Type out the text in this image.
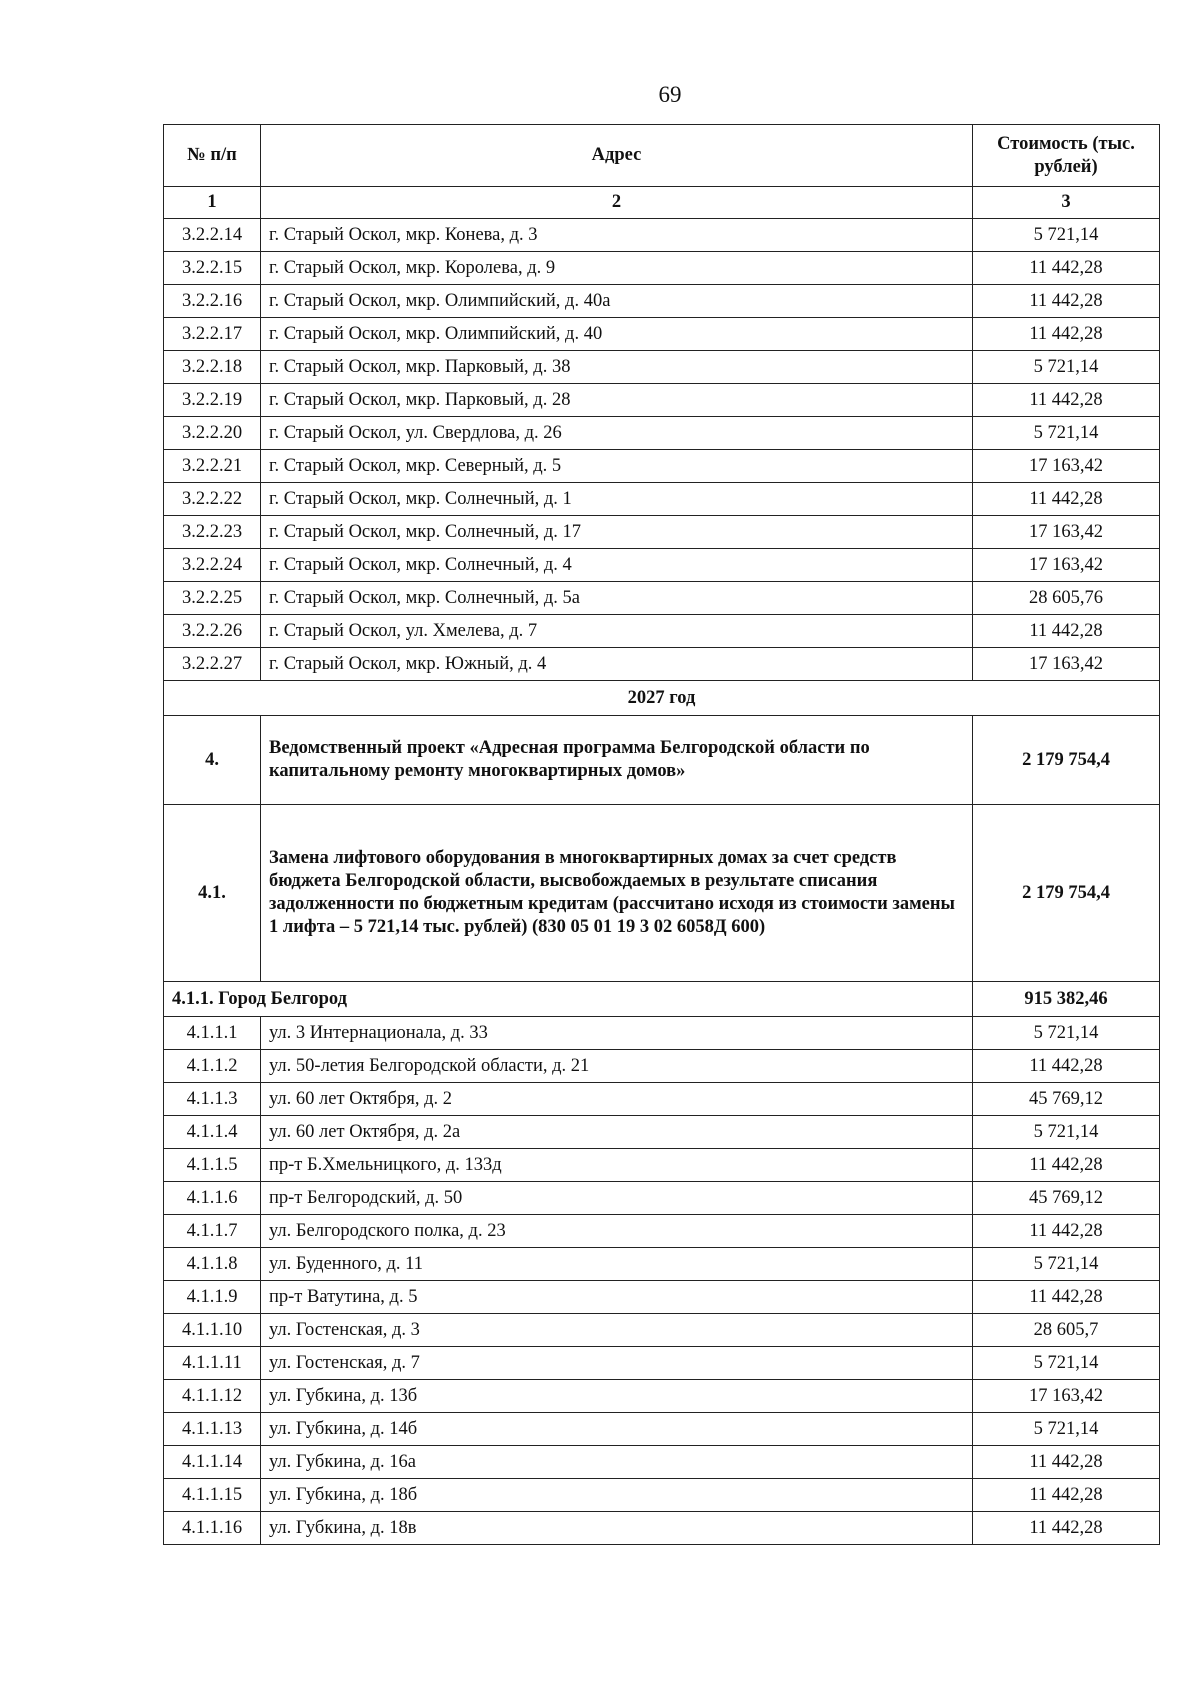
69
№ п/п	Адрес	Стоимость (тыс. рублей)
1	2	3
3.2.2.14	г. Старый Оскол, мкр. Конева, д. 3	5 721,14
3.2.2.15	г. Старый Оскол, мкр. Королева, д. 9	11 442,28
3.2.2.16	г. Старый Оскол, мкр. Олимпийский, д. 40а	11 442,28
3.2.2.17	г. Старый Оскол, мкр. Олимпийский, д. 40	11 442,28
3.2.2.18	г. Старый Оскол, мкр. Парковый, д. 38	5 721,14
3.2.2.19	г. Старый Оскол, мкр. Парковый, д. 28	11 442,28
3.2.2.20	г. Старый Оскол, ул. Свердлова, д. 26	5 721,14
3.2.2.21	г. Старый Оскол, мкр. Северный, д. 5	17 163,42
3.2.2.22	г. Старый Оскол, мкр. Солнечный, д. 1	11 442,28
3.2.2.23	г. Старый Оскол, мкр. Солнечный, д. 17	17 163,42
3.2.2.24	г. Старый Оскол, мкр. Солнечный, д. 4	17 163,42
3.2.2.25	г. Старый Оскол, мкр. Солнечный, д. 5а	28 605,76
3.2.2.26	г. Старый Оскол, ул. Хмелева, д. 7	11 442,28
3.2.2.27	г. Старый Оскол, мкр. Южный, д. 4	17 163,42
2027 год		
4.	Ведомственный проект «Адресная программа Белгородской области по капитальному ремонту многоквартирных домов»	2 179 754,4
4.1.	Замена лифтового оборудования в многоквартирных домах за счет средств бюджета Белгородской области, высвобождаемых в результате списания задолженности по бюджетным кредитам (рассчитано исходя из стоимости замены 1 лифта – 5 721,14 тыс. рублей) (830 05 01 19 3 02 6058Д 600)	2 179 754,4
4.1.1. Город Белгород		915 382,46
4.1.1.1	ул. 3 Интернационала, д. 33	5 721,14
4.1.1.2	ул. 50-летия Белгородской области, д. 21	11 442,28
4.1.1.3	ул. 60 лет Октября, д. 2	45 769,12
4.1.1.4	ул. 60 лет Октября, д. 2а	5 721,14
4.1.1.5	пр-т Б.Хмельницкого, д. 133д	11 442,28
4.1.1.6	пр-т Белгородский, д. 50	45 769,12
4.1.1.7	ул. Белгородского полка, д. 23	11 442,28
4.1.1.8	ул. Буденного, д. 11	5 721,14
4.1.1.9	пр-т Ватутина, д. 5	11 442,28
4.1.1.10	ул. Гостенская, д. 3	28 605,7
4.1.1.11	ул. Гостенская, д. 7	5 721,14
4.1.1.12	ул. Губкина, д. 13б	17 163,42
4.1.1.13	ул. Губкина, д. 14б	5 721,14
4.1.1.14	ул. Губкина, д. 16а	11 442,28
4.1.1.15	ул. Губкина, д. 18б	11 442,28
4.1.1.16	ул. Губкина, д. 18в	11 442,28
